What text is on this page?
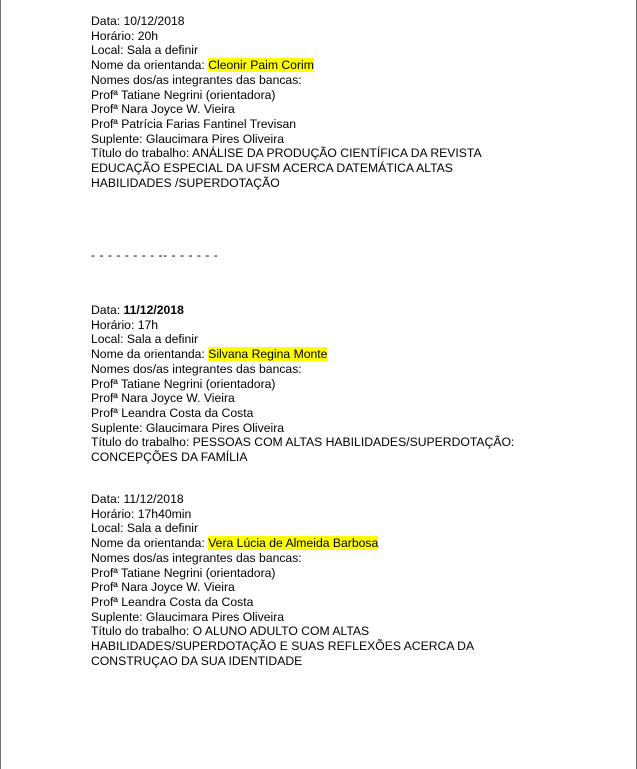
Data: 10/12/2018
Horário: 20h
Local: Sala a definir
Nome da orientanda: Cleonir Paim Corim
Nomes dos/as integrantes das bancas:
Profª Tatiane Negrini (orientadora)
Profª Nara Joyce W. Vieira
Profª Patrícia Farias Fantinel Trevisan
Suplente: Glaucimara Pires Oliveira
Título do trabalho: ANÁLISE DA PRODUÇÃO CIENTÍFICA DA REVISTA
EDUCAÇÃO ESPECIAL DA UFSM ACERCA DATEMÁTICA ALTAS
HABILIDADES /SUPERDOTAÇÃO
- - - - - - - - -- - - - - - -
Data: 11/12/2018
Horário: 17h
Local: Sala a definir
Nome da orientanda: Silvana Regina Monte
Nomes dos/as integrantes das bancas:
Profª Tatiane Negrini (orientadora)
Profª Nara Joyce W. Vieira
Profª Leandra Costa da Costa
Suplente: Glaucimara Pires Oliveira
Título do trabalho: PESSOAS COM ALTAS HABILIDADES/SUPERDOTAÇÃO:
CONCEPÇÕES DA FAMÍLIA
Data: 11/12/2018
Horário: 17h40min
Local: Sala a definir
Nome da orientanda: Vera Lúcia de Almeida Barbosa
Nomes dos/as integrantes das bancas:
Profª Tatiane Negrini (orientadora)
Profª Nara Joyce W. Vieira
Profª Leandra Costa da Costa
Suplente: Glaucimara Pires Oliveira
Título do trabalho: O ALUNO ADULTO COM ALTAS
HABILIDADES/SUPERDOTAÇÃO E SUAS REFLEXÕES ACERCA DA
CONSTRUÇAO DA SUA IDENTIDADE
